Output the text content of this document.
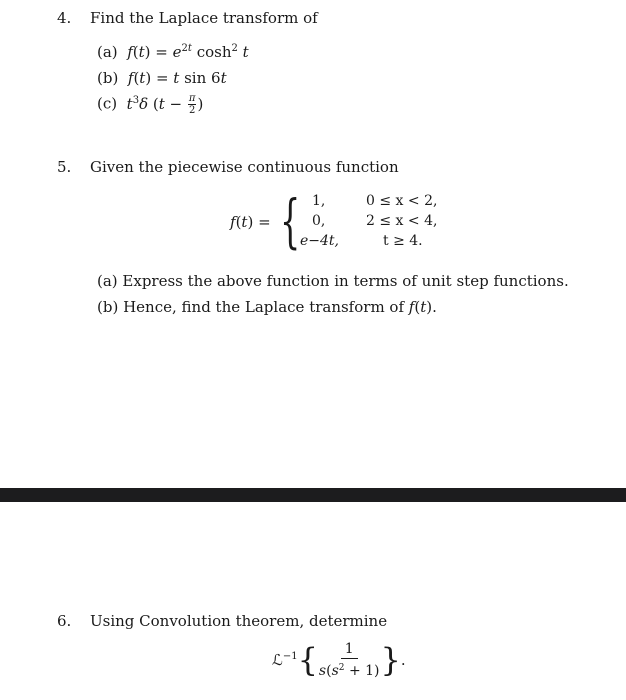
4. Find the Laplace transform of
(a) $f(t) = e^{2t}$ $\cosh^2 t$
(b) f(t) = t sin 6t
(c) $t^3\delta$ ($t - \frac{\pi}{2}$ )
5. Given the piecewise continuous function
f(t) = { 1,
0,
e−4t,
0 ≤ x < 2,
2 ≤ x < 4,
t ≥ 4.
(a) Express the above function in terms of unit step functions.
(b) Hence, find the Laplace transform of f(t).
6. Using Convolution theorem, determine
ℒ$^{-1}$ { $\frac{1}{s(s^2 + 1)}$ } .
